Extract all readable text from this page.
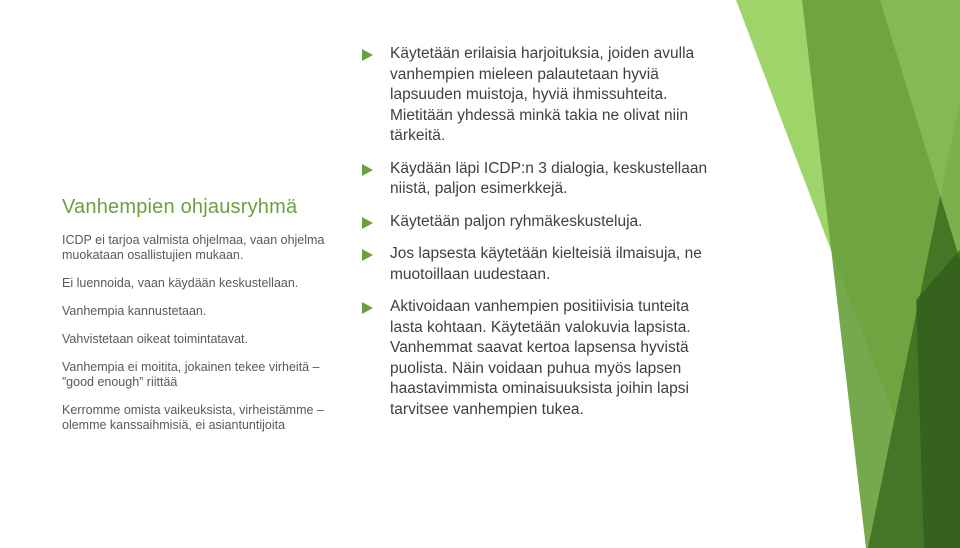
Vanhempien ohjausryhmä

ICDP ei tarjoa valmista ohjelmaa, vaan ohjelma muokataan osallistujien mukaan.

Ei luennoida, vaan käydään keskustellaan.

Vanhempia kannustetaan.

Vahvistetaan oikeat toimintatavat.

Vanhempia ei moitita, jokainen tekee virheitä – ”good enough” riittää

Kerromme omista vaikeuksista, virheistämme – olemme kanssaihmisiä, ei asiantuntijoita

Käytetään erilaisia harjoituksia, joiden avulla vanhempien mieleen palautetaan hyviä lapsuuden muistoja, hyviä ihmissuhteita. Mietitään yhdessä minkä takia ne olivat niin tärkeitä.
Käydään läpi ICDP:n 3 dialogia, keskustellaan niistä, paljon esimerkkejä.
Käytetään paljon ryhmäkeskusteluja.
Jos lapsesta käytetään kielteisiä ilmaisuja, ne muotoillaan uudestaan.
Aktivoidaan vanhempien positiivisia tunteita lasta kohtaan. Käytetään valokuvia lapsista. Vanhemmat saavat kertoa lapsensa hyvistä puolista. Näin voidaan puhua myös lapsen haastavimmista ominaisuuksista joihin lapsi tarvitsee vanhempien tukea.
